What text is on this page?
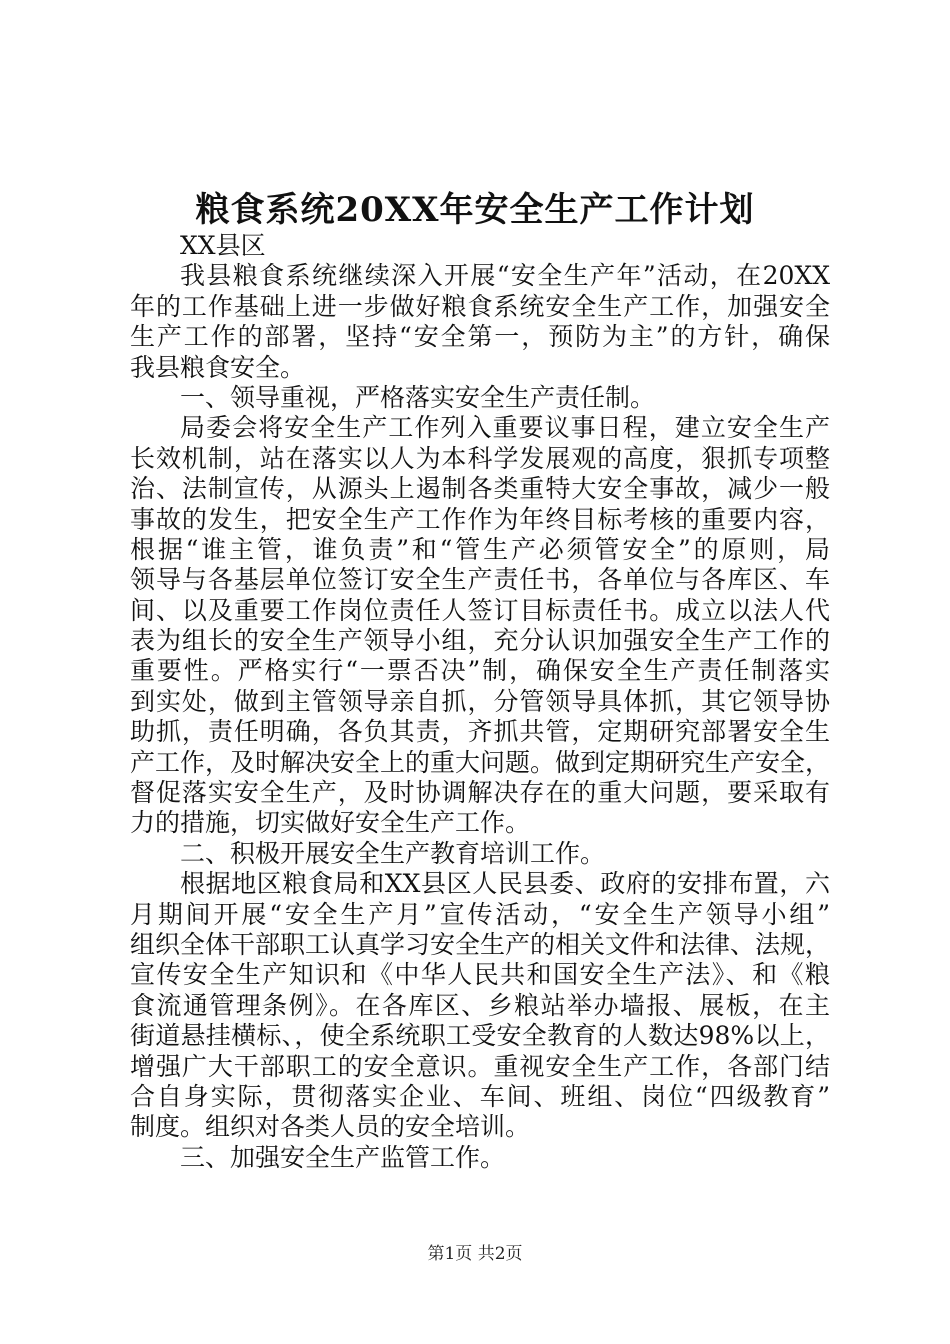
粮食系统20XX年安全生产工作计划
XX县区
我县粮食系统继续深入开展“安全生产年”活动，在20XX
年的工作基础上进一步做好粮食系统安全生产工作，加强安全
生产工作的部署，坚持“安全第一，预防为主”的方针，确保
我县粮食安全。
一、领导重视，严格落实安全生产责任制。
局委会将安全生产工作列入重要议事日程，建立安全生产
长效机制，站在落实以人为本科学发展观的高度，狠抓专项整
治、法制宣传，从源头上遏制各类重特大安全事故，减少一般
事故的发生，把安全生产工作作为年终目标考核的重要内容，
根据“谁主管，谁负责”和“管生产必须管安全”的原则，局
领导与各基层单位签订安全生产责任书，各单位与各库区、车
间、以及重要工作岗位责任人签订目标责任书。成立以法人代
表为组长的安全生产领导小组，充分认识加强安全生产工作的
重要性。严格实行“一票否决”制，确保安全生产责任制落实
到实处，做到主管领导亲自抓，分管领导具体抓，其它领导协
助抓，责任明确，各负其责，齐抓共管，定期研究部署安全生
产工作，及时解决安全上的重大问题。做到定期研究生产安全，
督促落实安全生产，及时协调解决存在的重大问题，要采取有
力的措施，切实做好安全生产工作。
二、积极开展安全生产教育培训工作。
根据地区粮食局和XX县区人民县委、政府的安排布置，六
月期间开展“安全生产月”宣传活动，“安全生产领导小组”
组织全体干部职工认真学习安全生产的相关文件和法律、法规，
宣传安全生产知识和《中华人民共和国安全生产法》、和《粮
食流通管理条例》。在各库区、乡粮站举办墙报、展板，在主
街道悬挂横标、，使全系统职工受安全教育的人数达98%以上，
增强广大干部职工的安全意识。重视安全生产工作，各部门结
合自身实际，贯彻落实企业、车间、班组、岗位“四级教育”
制度。组织对各类人员的安全培训。
三、加强安全生产监管工作。
第1页 共2页
